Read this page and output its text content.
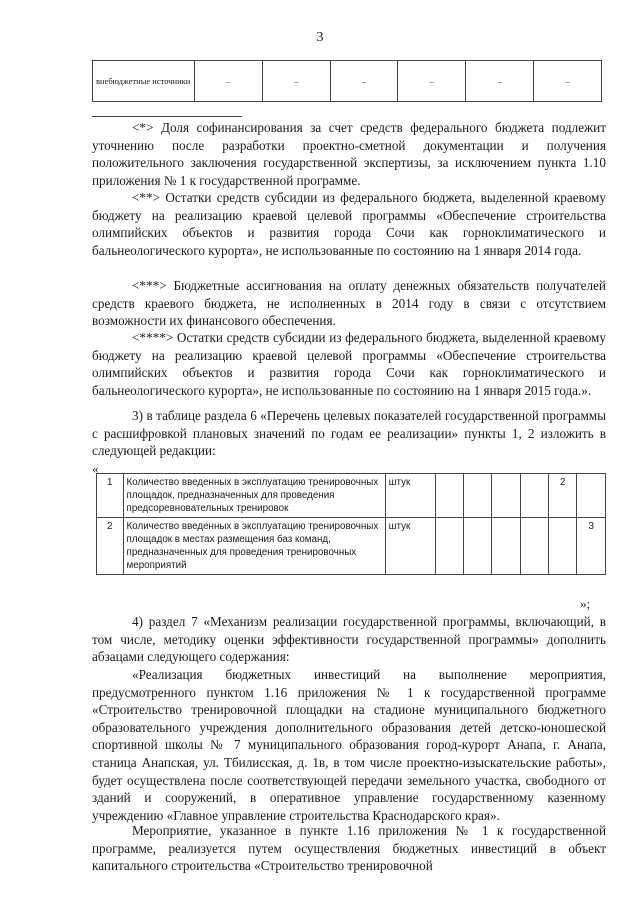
3
внебюджетные источники	–	–	–	–	–	–

<*> Доля софинансирования за счет средств федерального бюджета подлежит уточнению после разработки проектно-сметной документации и получения положительного заключения государственной экспертизы, за исключением пункта 1.10 приложения № 1 к государственной программе.

<**> Остатки средств субсидии из федерального бюджета, выделенной краевому бюджету на реализацию краевой целевой программы «Обеспечение строительства олимпийских объектов и развития города Сочи как горноклиматического и бальнеологического курорта», не использованные по состоянию на 1 января 2014 года.

<***> Бюджетные ассигнования на оплату денежных обязательств получателей средств краевого бюджета, не исполненных в 2014 году в связи с отсутствием возможности их финансового обеспечения.

<****> Остатки средств субсидии из федерального бюджета, выделенной краевому бюджету на реализацию краевой целевой программы «Обеспечение строительства олимпийских объектов и развития города Сочи как горноклиматического и бальнеологического курорта», не использованные по состоянию на 1 января 2015 года.».

3) в таблице раздела 6 «Перечень целевых показателей государственной программы с расшифровкой плановых значений по годам ее реализации» пункты 1, 2 изложить в следующей редакции:

«
1	Количество введенных в эксплуатацию тренировочных площадок, предназначенных для проведения предсоревновательных тренировок	штук					2	
2	Количество введенных в эксплуатацию тренировочных площадок в местах размещения баз команд, предназначенных для проведения тренировочных мероприятий	штук						3
»;

4) раздел 7 «Механизм реализации государственной программы, включающий, в том числе, методику оценки эффективности государственной программы» дополнить абзацами следующего содержания:

«Реализация бюджетных инвестиций на выполнение мероприятия, предусмотренного пунктом 1.16 приложения № 1 к государственной программе «Строительство тренировочной площадки на стадионе муниципального бюджетного образовательного учреждения дополнительного образования детей детско-юношеской спортивной школы № 7 муниципального образования город-курорт Анапа, г. Анапа, станица Анапская, ул. Тбилисская, д. 1в, в том числе проектно-изыскательские работы», будет осуществлена после соответствующей передачи земельного участка, свободного от зданий и сооружений, в оперативное управление государственному казенному учреждению «Главное управление строительства Краснодарского края».

Мероприятие, указанное в пункте 1.16 приложения № 1 к государственной программе, реализуется путем осуществления бюджетных инвестиций в объект капитального строительства «Строительство тренировочной
